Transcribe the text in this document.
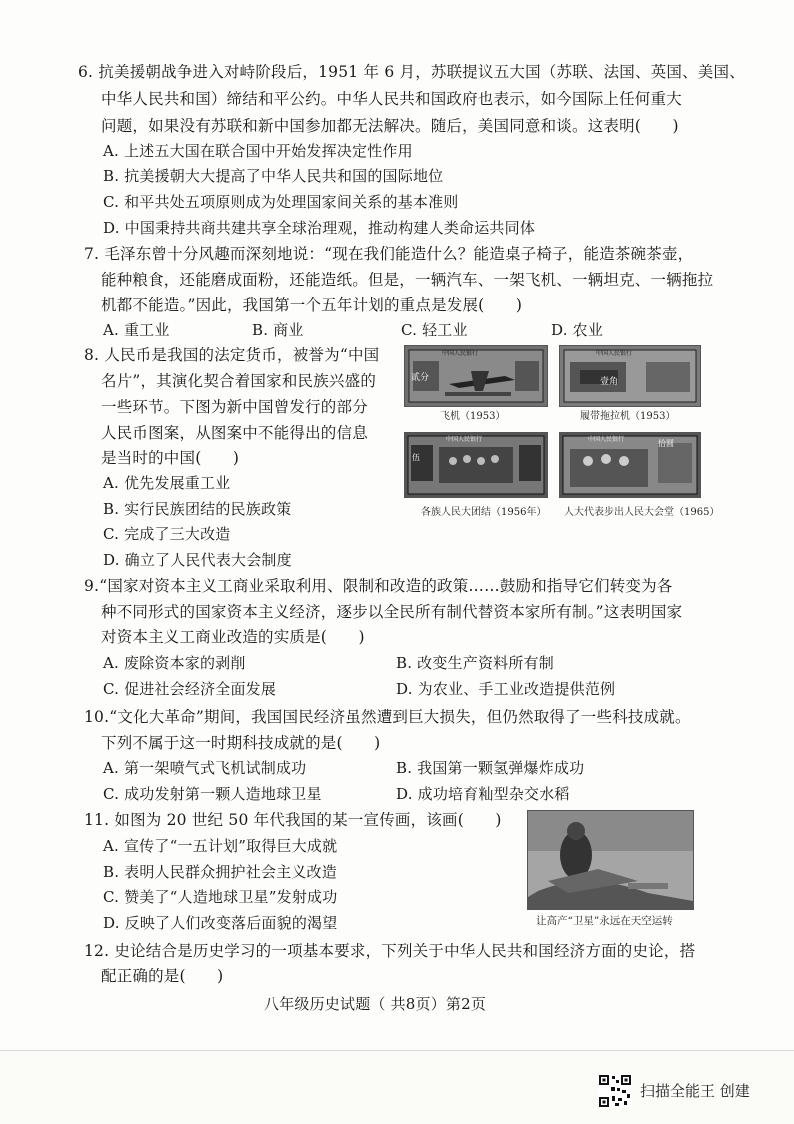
6. 抗美援朝战争进入对峙阶段后，1951 年 6 月，苏联提议五大国（苏联、法国、英国、美国、
中华人民共和国）缔结和平公约。中华人民共和国政府也表示，如今国际上任何重大
问题，如果没有苏联和新中国参加都无法解决。随后，美国同意和谈。这表明(　　)
A. 上述五大国在联合国中开始发挥决定性作用
B. 抗美援朝大大提高了中华人民共和国的国际地位
C. 和平共处五项原则成为处理国家间关系的基本准则
D. 中国秉持共商共建共享全球治理观，推动构建人类命运共同体
7. 毛泽东曾十分风趣而深刻地说：“现在我们能造什么？能造桌子椅子，能造茶碗茶壶，
能种粮食，还能磨成面粉，还能造纸。但是，一辆汽车、一架飞机、一辆坦克、一辆拖拉
机都不能造。”因此，我国第一个五年计划的重点是发展(　　)
A. 重工业	B. 商业	C. 轻工业	D. 农业
8. 人民币是我国的法定货币，被誉为“中国
名片”，其演化契合着国家和民族兴盛的
一些环节。下图为新中国曾发行的部分
人民币图案，从图案中不能得出的信息
是当时的中国(　　)
A. 优先发展重工业
B. 实行民族团结的民族政策
C. 完成了三大改造
D. 确立了人民代表大会制度
飞机（1953）
中国人民银行
贰分
履带拖拉机（1953）
中国人民银行
壹角
各族人民大团结（1956年）
中国人民银行
伍
人大代表步出人民大会堂（1965）
中国人民银行	拾圆
9.“国家对资本主义工商业采取利用、限制和改造的政策……鼓励和指导它们转变为各
种不同形式的国家资本主义经济，逐步以全民所有制代替资本家所有制。”这表明国家
对资本主义工商业改造的实质是(　　)
A. 废除资本家的剥削	B. 改变生产资料所有制
C. 促进社会经济全面发展	D. 为农业、手工业改造提供范例
10.“文化大革命”期间，我国国民经济虽然遭到巨大损失，但仍然取得了一些科技成就。
下列不属于这一时期科技成就的是(　　)
A. 第一架喷气式飞机试制成功	B. 我国第一颗氢弹爆炸成功
C. 成功发射第一颗人造地球卫星	D. 成功培育籼型杂交水稻
11. 如图为 20 世纪 50 年代我国的某一宣传画，该画(　　)
A. 宣传了“一五计划”取得巨大成就
B. 表明人民群众拥护社会主义改造
C. 赞美了“人造地球卫星”发射成功
D. 反映了人们改变落后面貌的渴望	让高产“卫星”永远在天空运转
12. 史论结合是历史学习的一项基本要求，下列关于中华人民共和国经济方面的史论，搭
配正确的是(　　)
八年级历史试题（ 共8页）第2页
扫描全能王 创建
